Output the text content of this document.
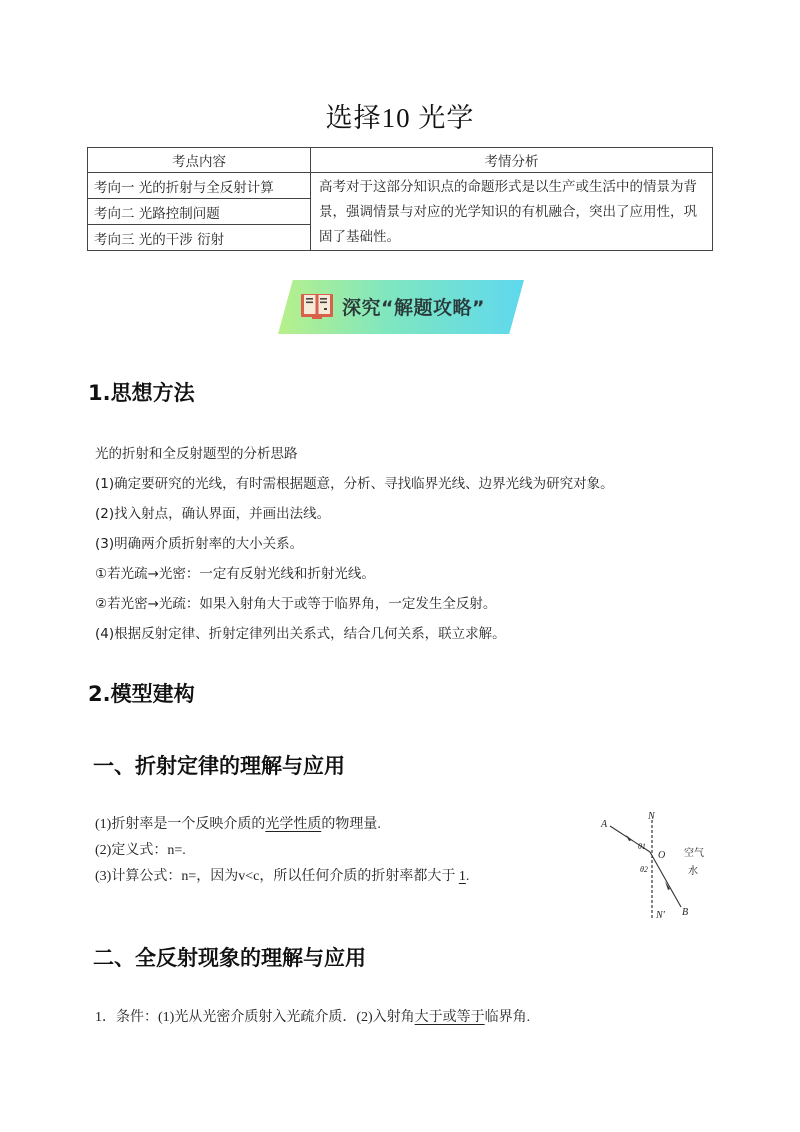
选择10 光学
考点内容	考情分析
考向一 光的折射与全反射计算	高考对于这部分知识点的命题形式是以生产或生活中的情景为背景，强调情景与对应的光学知识的有机融合，突出了应用性，巩固了基础性。
考向二 光路控制问题	
考向三 光的干涉 衍射	
深究“解题攻略”
1.思想方法
光的折射和全反射题型的分析思路
(1)确定要研究的光线，有时需根据题意，分析、寻找临界光线、边界光线为研究对象。
(2)找入射点，确认界面，并画出法线。
(3)明确两介质折射率的大小关系。
①若光疏→光密：一定有反射光线和折射光线。
②若光密→光疏：如果入射角大于或等于临界角，一定发生全反射。
(4)根据反射定律、折射定律列出关系式，结合几何关系，联立求解。
2.模型建构
一、折射定律的理解与应用
(1)折射率是一个反映介质的光学性质的物理量.
(2)定义式：n=.
(3)计算公式：n=，因为v<c，所以任何介质的折射率都大于 1.
A
N
θ1
O
θ2
N′ B
空气
水
二、全反射现象的理解与应用
1．条件：(1)光从光密介质射入光疏介质．(2)入射角大于或等于临界角.
